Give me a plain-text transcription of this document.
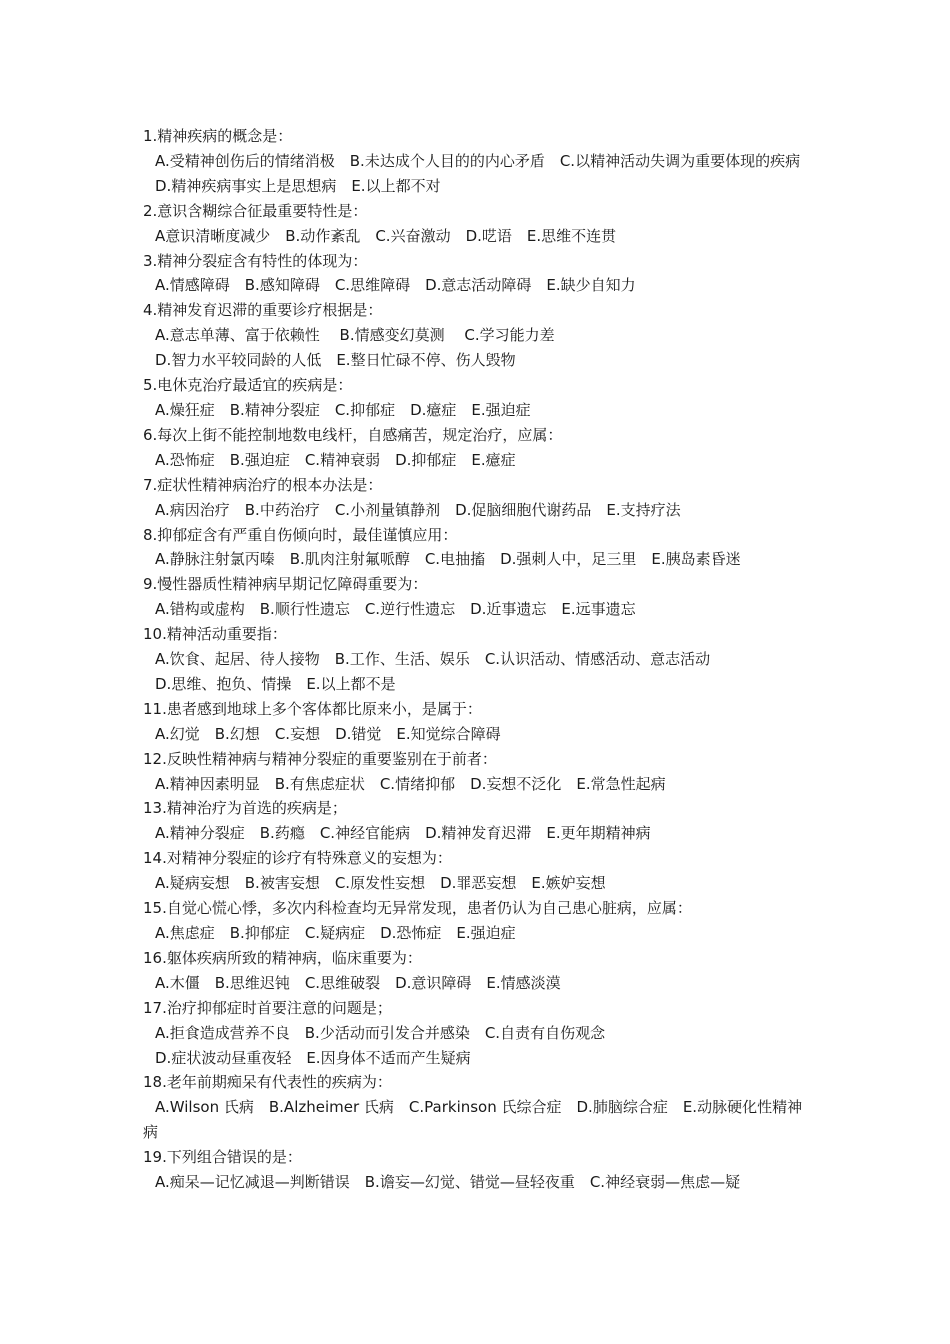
1.精神疾病的概念是：
A.受精神创伤后的情绪消极　B.未达成个人目的的内心矛盾　C.以精神活动失调为重要体现的疾病
D.精神疾病事实上是思想病　E.以上都不对
2.意识含糊综合征最重要特性是：
A意识清晰度减少　B.动作紊乱　C.兴奋激动　D.呓语　E.思维不连贯
3.精神分裂症含有特性的体现为：
A.情感障碍　B.感知障碍　C.思维障碍　D.意志活动障碍　E.缺少自知力
4.精神发育迟滞的重要诊疗根据是：
A.意志单薄、富于依赖性　 B.情感变幻莫测　 C.学习能力差
D.智力水平较同龄的人低　E.整日忙碌不停、伤人毁物
5.电休克治疗最适宜的疾病是：
A.燥狂症　B.精神分裂症　C.抑郁症　D.癔症　E.强迫症
6.每次上街不能控制地数电线杆，自感痛苦，规定治疗，应属：
A.恐怖症　B.强迫症　C.精神衰弱　D.抑郁症　E.癔症
7.症状性精神病治疗的根本办法是：
A.病因治疗　B.中药治疗　C.小剂量镇静剂　D.促脑细胞代谢药品　E.支持疗法
8.抑郁症含有严重自伤倾向时，最佳谨慎应用：
A.静脉注射氯丙嗪　B.肌肉注射氟哌醇　C.电抽搐　D.强刺人中，足三里　E.胰岛素昏迷
9.慢性器质性精神病早期记忆障碍重要为：
A.错构或虚构　B.顺行性遗忘　C.逆行性遗忘　D.近事遗忘　E.远事遗忘
10.精神活动重要指：
A.饮食、起居、待人接物　B.工作、生活、娱乐　C.认识活动、情感活动、意志活动
D.思维、抱负、情操　E.以上都不是
11.患者感到地球上多个客体都比原来小，是属于：
A.幻觉　B.幻想　C.妄想　D.错觉　E.知觉综合障碍
12.反映性精神病与精神分裂症的重要鉴别在于前者：
A.精神因素明显　B.有焦虑症状　C.情绪抑郁　D.妄想不泛化　E.常急性起病
13.精神治疗为首选的疾病是；
A.精神分裂症　B.药瘾　C.神经官能病　D.精神发育迟滞　E.更年期精神病
14.对精神分裂症的诊疗有特殊意义的妄想为：
A.疑病妄想　B.被害妄想　C.原发性妄想　D.罪恶妄想　E.嫉妒妄想
15.自觉心慌心悸，多次内科检查均无异常发现，患者仍认为自己患心脏病，应属：
A.焦虑症　B.抑郁症　C.疑病症　D.恐怖症　E.强迫症
16.躯体疾病所致的精神病，临床重要为：
A.木僵　B.思维迟钝　C.思维破裂　D.意识障碍　E.情感淡漠
17.治疗抑郁症时首要注意的问题是；
A.拒食造成营养不良　B.少活动而引发合并感染　C.自责有自伤观念
D.症状波动昼重夜轻　E.因身体不适而产生疑病
18.老年前期痴呆有代表性的疾病为：
A.Wilson 氏病　B.Alzheimer 氏病　C.Parkinson 氏综合症　D.肺脑综合症　E.动脉硬化性精神病
19.下列组合错误的是：
A.痴呆—记忆减退—判断错误　B.谵妄—幻觉、错觉—昼轻夜重　C.神经衰弱—焦虑—疑
